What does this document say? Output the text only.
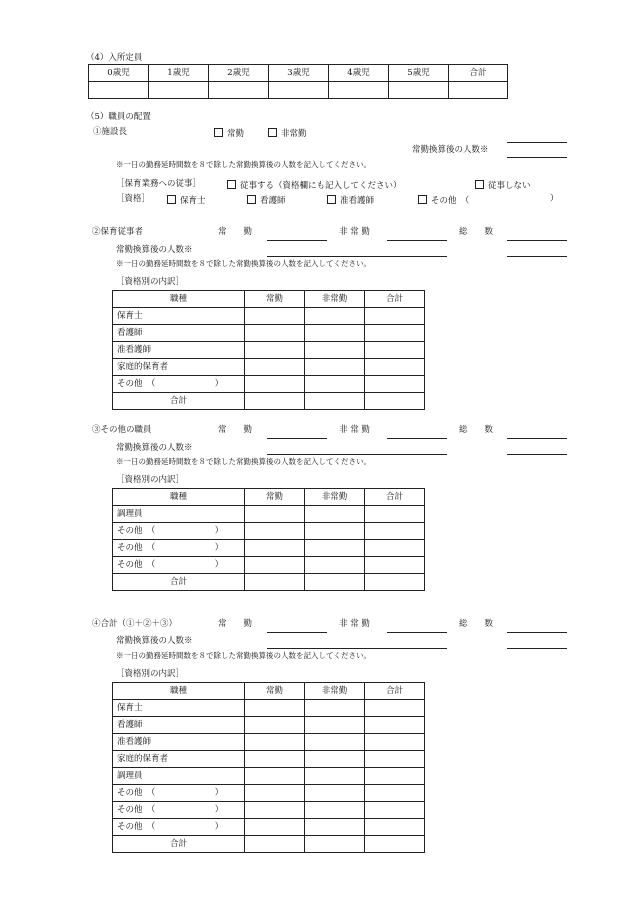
（4）入所定員
0歳児	1歳児	2歳児	3歳児	4歳児	5歳児	合計

（5）職員の配置
①施設長	常勤	非常勤
常勤換算後の人数※
※一日の勤務延時間数を８で除した常勤換算後の人数を記入してください。
［保育業務への従事］	従事する（資格欄にも記入してください）	従事しない
［資格］	保育士	看護師	准看護師	その他　（	）
②保育従事者	常　　勤	非 常 勤	総　　数
常勤換算後の人数※
※一日の勤務延時間数を８で除した常勤換算後の人数を記入してください。
［資格別の内訳］
職種	常勤	非常勤	合計
保育士			
看護師			
准看護師			
家庭的保育者			
その他　（　　　　　　　）			
合計			
③その他の職員	常　　勤	非 常 勤	総　　数
常勤換算後の人数※
※一日の勤務延時間数を８で除した常勤換算後の人数を記入してください。
［資格別の内訳］
職種	常勤	非常勤	合計
調理員			
その他　（　　　　　　　）			
その他　（　　　　　　　）			
その他　（　　　　　　　）			
合計			
④合計（①＋②＋③）	常　　勤	非 常 勤	総　　数
常勤換算後の人数※
※一日の勤務延時間数を８で除した常勤換算後の人数を記入してください。
［資格別の内訳］
職種	常勤	非常勤	合計
保育士			
看護師			
准看護師			
家庭的保育者			
調理員			
その他　（　　　　　　　）			
その他　（　　　　　　　）			
その他　（　　　　　　　）			
合計			
